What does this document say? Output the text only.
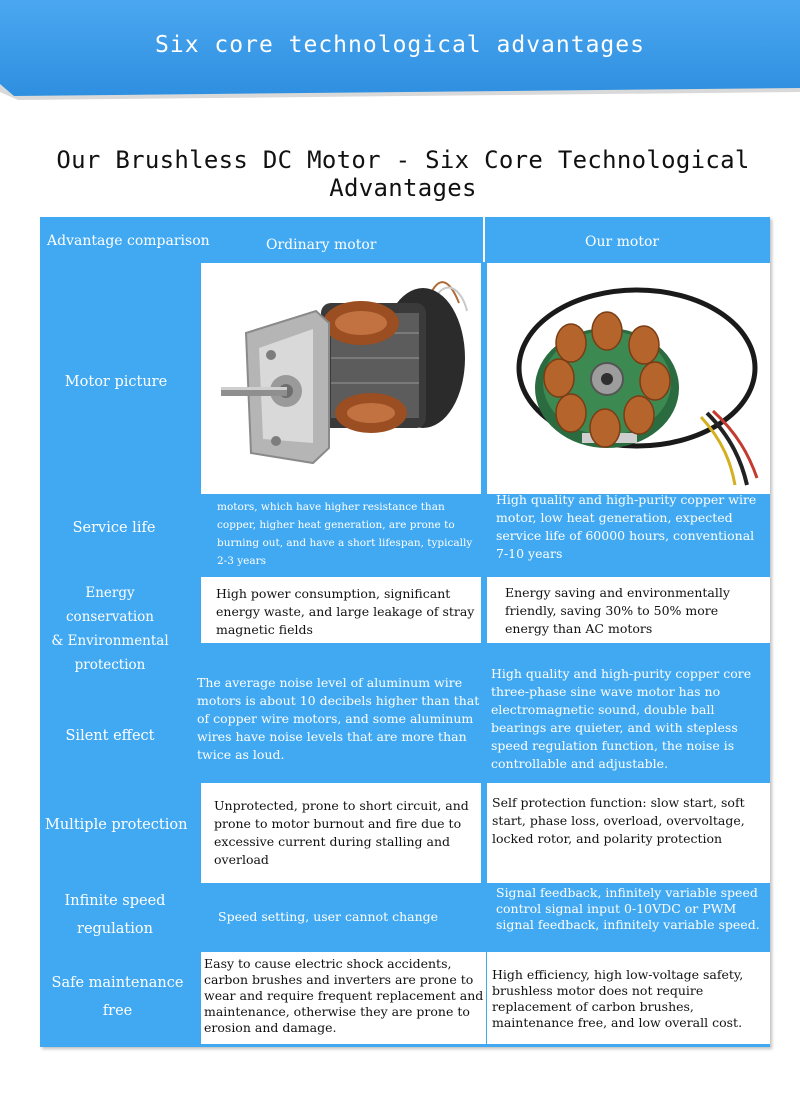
Six core technological advantages
Our Brushless DC Motor - Six Core Technological Advantages
Advantage comparison	Ordinary motor	Our motor
Motor picture
Service life
Most of them are enameled aluminum wire motors, which have higher resistance than copper, higher heat generation, are prone to burning out, and have a short lifespan, typically 2-3 years
High quality and high-purity copper wire motor, low heat generation, expected service life of 60000 hours, conventional 7-10 years
Energy conservation
& Environmental
protection
High power consumption, significant energy waste, and large leakage of stray magnetic fields
Energy saving and environmentally friendly, saving 30% to 50% more energy than AC motors
Silent effect
The average noise level of aluminum wire motors is about 10 decibels higher than that of copper wire motors, and some aluminum wires have noise levels that are more than twice as loud.
High quality and high-purity copper core three-phase sine wave motor has no electromagnetic sound, double ball bearings are quieter, and with stepless speed regulation function, the noise is controllable and adjustable.
Multiple protection
Unprotected, prone to short circuit, and prone to motor burnout and fire due to excessive current during stalling and overload
Self protection function: slow start, soft start, phase loss, overload, overvoltage, locked rotor, and polarity protection
Infinite speed
regulation
Speed setting, user cannot change
Signal feedback, infinitely variable speed control signal input 0-10VDC or PWM signal feedback, infinitely variable speed.
Safe maintenance
free
Easy to cause electric shock accidents, carbon brushes and inverters are prone to wear and require frequent replacement and maintenance, otherwise they are prone to erosion and damage.
High efficiency, high low-voltage safety, brushless motor does not require replacement of carbon brushes, maintenance free, and low overall cost.
